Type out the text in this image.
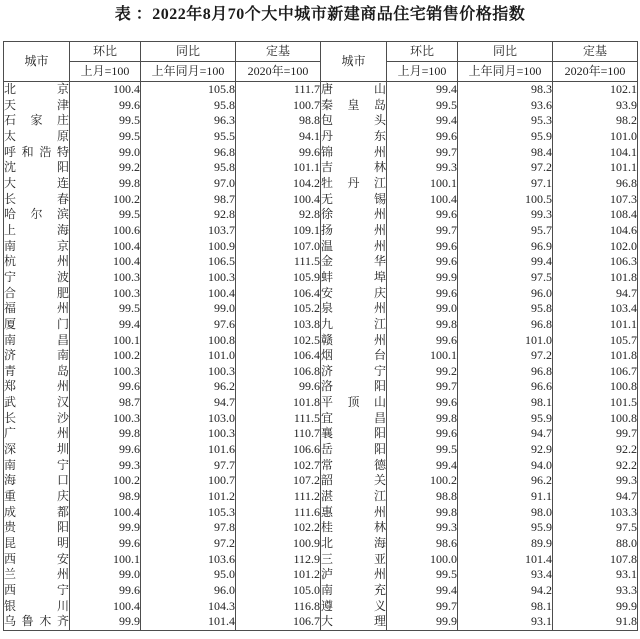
表 ：2022年8月70个大中城市新建商品住宅销售价格指数
城市	环比	同比	定基	城市	环比	同比	定基
	上月=100	上年同月=100	2020年=100		上月=100	上年同月=100	2020年=100
北京	100.4	105.8	111.7	唐山	99.4	98.3	102.1
天津	99.6	95.8	100.7	秦皇岛	99.5	93.6	93.9
石家庄	99.5	96.3	98.8	包头	99.4	95.3	98.2
太原	99.5	95.5	94.1	丹东	99.6	95.9	101.0
呼和浩特	99.0	96.8	99.6	锦州	99.7	98.4	104.1
沈阳	99.2	95.8	101.1	吉林	99.3	97.2	101.1
大连	99.8	97.0	104.2	牡丹江	100.1	97.1	96.8
长春	100.2	98.7	100.4	无锡	100.4	100.5	107.3
哈尔滨	99.5	92.8	92.8	徐州	99.6	99.3	108.4
上海	100.6	103.7	109.1	扬州	99.7	95.7	104.6
南京	100.4	100.9	107.0	温州	99.6	96.9	102.0
杭州	100.4	106.5	111.5	金华	99.6	99.4	106.3
宁波	100.3	100.3	105.9	蚌埠	99.9	97.5	101.8
合肥	100.3	100.4	106.4	安庆	99.6	96.0	94.7
福州	99.5	99.0	105.2	泉州	99.0	95.8	103.4
厦门	99.4	97.6	103.8	九江	99.8	96.8	101.1
南昌	100.1	100.8	102.5	赣州	99.6	101.0	105.7
济南	100.2	101.0	106.4	烟台	100.1	97.2	101.8
青岛	100.3	100.3	106.8	济宁	99.2	96.8	106.7
郑州	99.6	96.2	99.6	洛阳	99.7	96.6	100.8
武汉	98.7	94.7	101.8	平顶山	99.6	98.1	101.5
长沙	100.3	103.0	111.5	宜昌	99.8	95.9	100.8
广州	99.8	100.3	110.7	襄阳	99.6	94.7	99.7
深圳	99.6	101.6	106.6	岳阳	99.5	92.9	92.2
南宁	99.3	97.7	102.7	常德	99.4	94.0	92.2
海口	100.2	100.7	107.2	韶关	100.2	96.2	99.3
重庆	98.9	101.2	111.2	湛江	98.8	91.1	94.7
成都	100.4	105.3	111.6	惠州	99.8	98.0	103.3
贵阳	99.9	97.8	102.2	桂林	99.3	95.9	97.5
昆明	99.6	97.2	100.9	北海	98.6	89.9	88.0
西安	100.1	103.6	112.9	三亚	100.0	101.4	107.8
兰州	99.0	95.0	101.2	泸州	99.5	93.4	93.1
西宁	99.6	96.0	105.0	南充	99.4	94.2	93.3
银川	100.4	104.3	116.8	遵义	99.7	98.1	99.9
乌鲁木齐	99.9	101.4	106.7	大理	99.9	93.1	91.8
